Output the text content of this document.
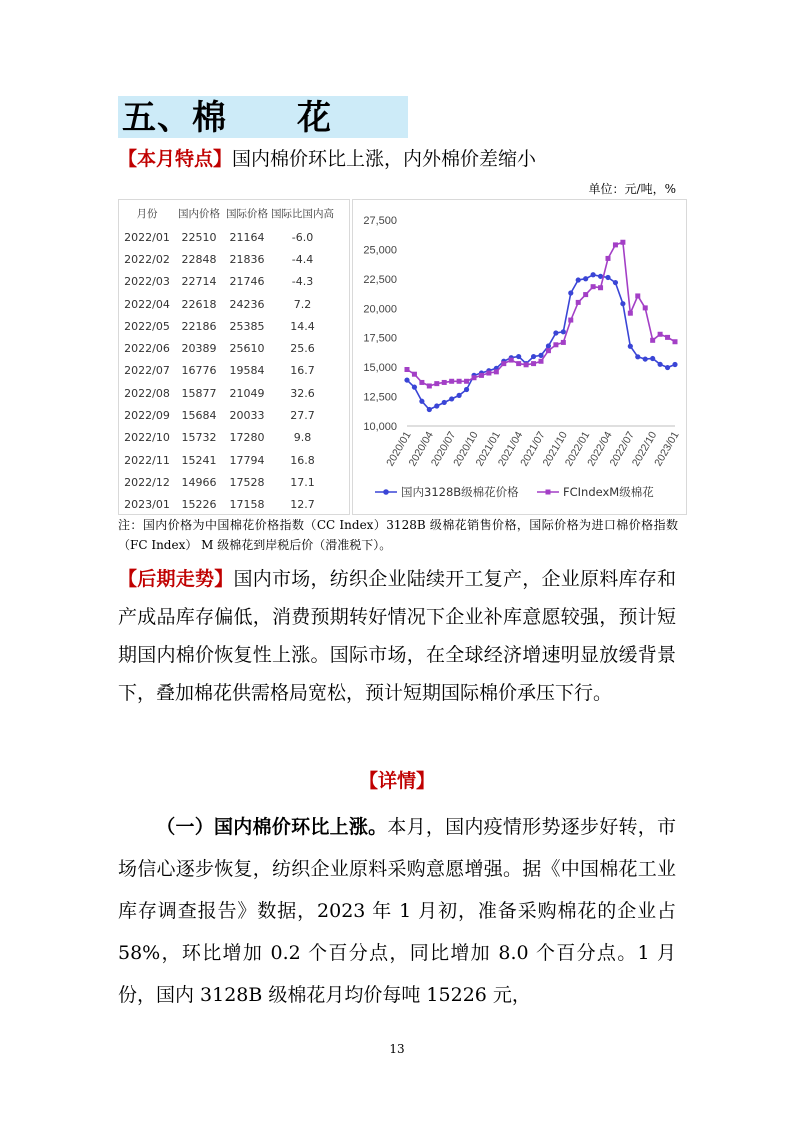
五、棉　　花
【本月特点】国内棉价环比上涨，内外棉价差缩小
单位：元/吨，%
月份	国内价格	国际价格	国际比国内高
2022/01	22510	21164	-6.0
2022/02	22848	21836	-4.4
2022/03	22714	21746	-4.3
2022/04	22618	24236	7.2
2022/05	22186	25385	14.4
2022/06	20389	25610	25.6
2022/07	16776	19584	16.7
2022/08	15877	21049	32.6
2022/09	15684	20033	27.7
2022/10	15732	17280	9.8
2022/11	15241	17794	16.8
2022/12	14966	17528	17.1
2023/01	15226	17158	12.7
10,000
12,500
15,000
17,500
20,000
22,500
25,000
27,500
2020/01
2020/04
2020/07
2020/10
2021/01
2021/04
2021/07
2021/10
2022/01
2022/04
2022/07
2022/10
2023/01
国内3128B级棉花价格	FCIndexM级棉花
注：国内价格为中国棉花价格指数（CC Index）3128B 级棉花销售价格，国际价格为进口棉价格指数（FC Index） M 级棉花到岸税后价（滑准税下）。
【后期走势】国内市场，纺织企业陆续开工复产，企业原料库存和产成品库存偏低，消费预期转好情况下企业补库意愿较强，预计短期国内棉价恢复性上涨。国际市场，在全球经济增速明显放缓背景下，叠加棉花供需格局宽松，预计短期国际棉价承压下行。
【详情】
（一）国内棉价环比上涨。本月，国内疫情形势逐步好转，市场信心逐步恢复，纺织企业原料采购意愿增强。据《中国棉花工业库存调查报告》数据，2023 年 1 月初，准备采购棉花的企业占 58%，环比增加 0.2 个百分点，同比增加 8.0 个百分点。1 月份，国内 3128B 级棉花月均价每吨 15226 元，
13
